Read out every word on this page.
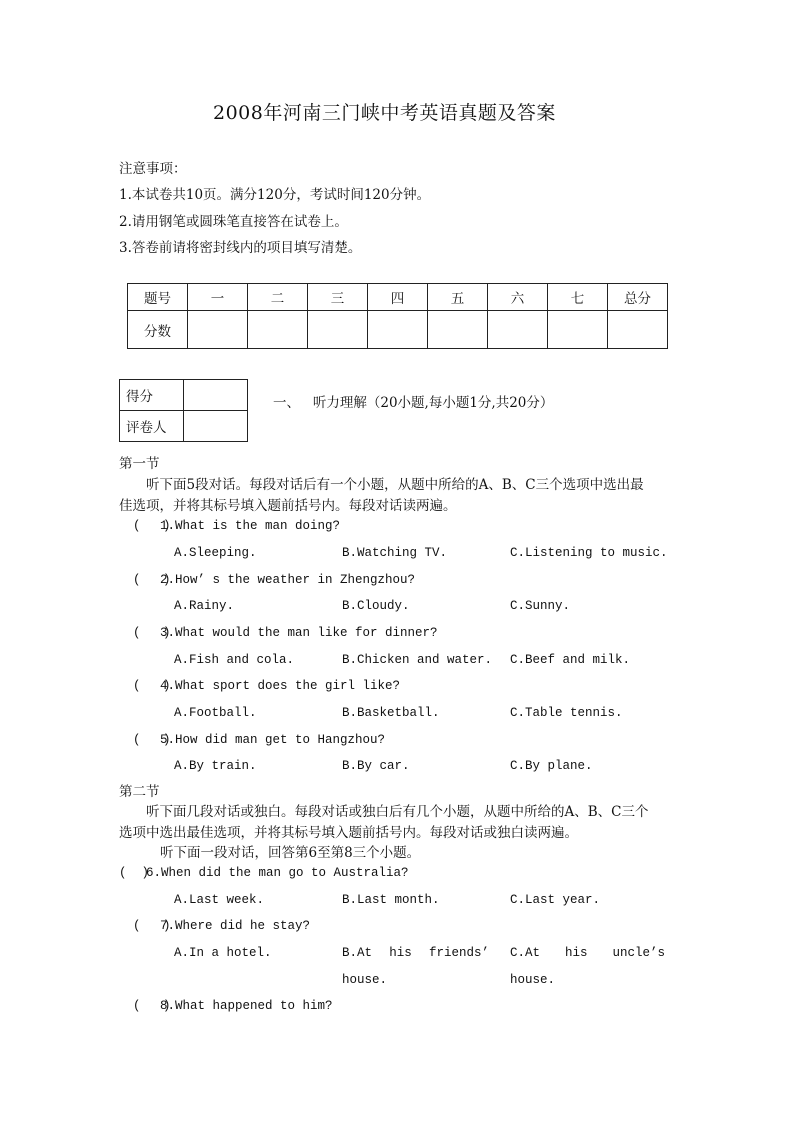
2008年河南三门峡中考英语真题及答案
注意事项：
1.本试卷共10页。满分120分，考试时间120分钟。
2.请用钢笔或圆珠笔直接答在试卷上。
3.答卷前请将密封线内的项目填写清楚。
题号	一	二	三	四	五	六	七	总分
分数								
得分	
评卷人	
一、   听力理解（20小题,每小题1分,共20分）
第一节
听下面5段对话。每段对话后有一个小题，从题中所给的A、B、C三个选项中选出最
佳选项，并将其标号填入题前括号内。每段对话读两遍。
(   )
1.What is the man doing?
A.Sleeping.	B.Watching TV.	C.Listening to music.
(   )
2.How’ s the weather in Zhengzhou?
A.Rainy.	B.Cloudy.	C.Sunny.
(   )
3.What would the man like for dinner?
A.Fish and cola.	B.Chicken and water. C.Beef and milk.
(   )
4.What sport does the girl like?
A.Football.	B.Basketball.	C.Table tennis.
(   )
5.How did man get to Hangzhou?
A.By train.	B.By car.	C.By plane.
第二节
听下面几段对话或独白。每段对话或独白后有几个小题，从题中所给的A、B、C三个
选项中选出最佳选项，并将其标号填入题前括号内。每段对话或独白读两遍。
听下面一段对话，回答第6至第8三个小题。
(  )
6.When did the man go to Australia?
A.Last week.	B.Last month.	C.Last year.
(   )
7.Where did he stay?
A.In a hotel.	B.At his friends’
house.
C.At his uncle’s
house.
(   )
8.What happened to him?
